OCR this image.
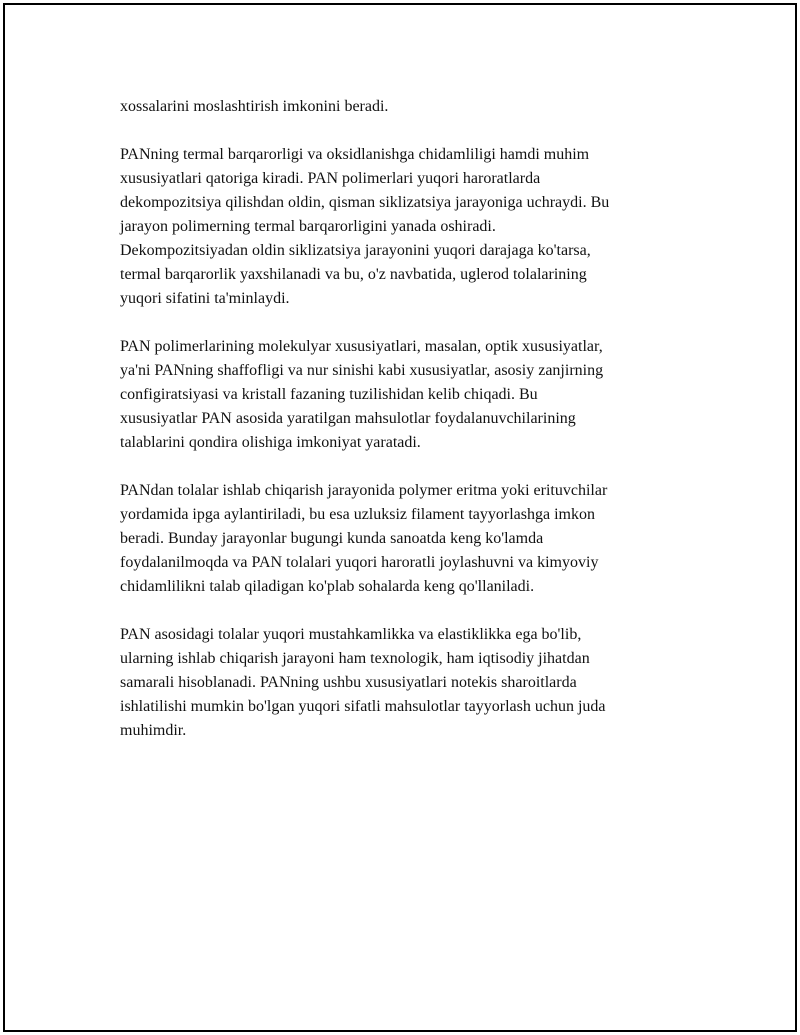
xossalarini moslashtirish imkonini beradi.

PANning termal barqarorligi va oksidlanishga chidamliligi hamdi muhim
xususiyatlari qatoriga kiradi. PAN polimerlari yuqori haroratlarda
dekompozitsiya qilishdan oldin, qisman siklizatsiya jarayoniga uchraydi. Bu
jarayon polimerning termal barqarorligini yanada oshiradi.
Dekompozitsiyadan oldin siklizatsiya jarayonini yuqori darajaga ko'tarsa,
termal barqarorlik yaxshilanadi va bu, o'z navbatida, uglerod tolalarining
yuqori sifatini ta'minlaydi.

PAN polimerlarining molekulyar xususiyatlari, masalan, optik xususiyatlar,
ya'ni PANning shaffofligi va nur sinishi kabi xususiyatlar, asosiy zanjirning
configiratsiyasi va kristall fazaning tuzilishidan kelib chiqadi. Bu
xususiyatlar PAN asosida yaratilgan mahsulotlar foydalanuvchilarining
talablarini qondira olishiga imkoniyat yaratadi.

PANdan tolalar ishlab chiqarish jarayonida polymer eritma yoki erituvchilar
yordamida ipga aylantiriladi, bu esa uzluksiz filament tayyorlashga imkon
beradi. Bunday jarayonlar bugungi kunda sanoatda keng ko'lamda
foydalanilmoqda va PAN tolalari yuqori haroratli joylashuvni va kimyoviy
chidamlilikni talab qiladigan ko'plab sohalarda keng qo'llaniladi.

PAN asosidagi tolalar yuqori mustahkamlikka va elastiklikka ega bo'lib,
ularning ishlab chiqarish jarayoni ham texnologik, ham iqtisodiy jihatdan
samarali hisoblanadi. PANning ushbu xususiyatlari notekis sharoitlarda
ishlatilishi mumkin bo'lgan yuqori sifatli mahsulotlar tayyorlash uchun juda
muhimdir.
